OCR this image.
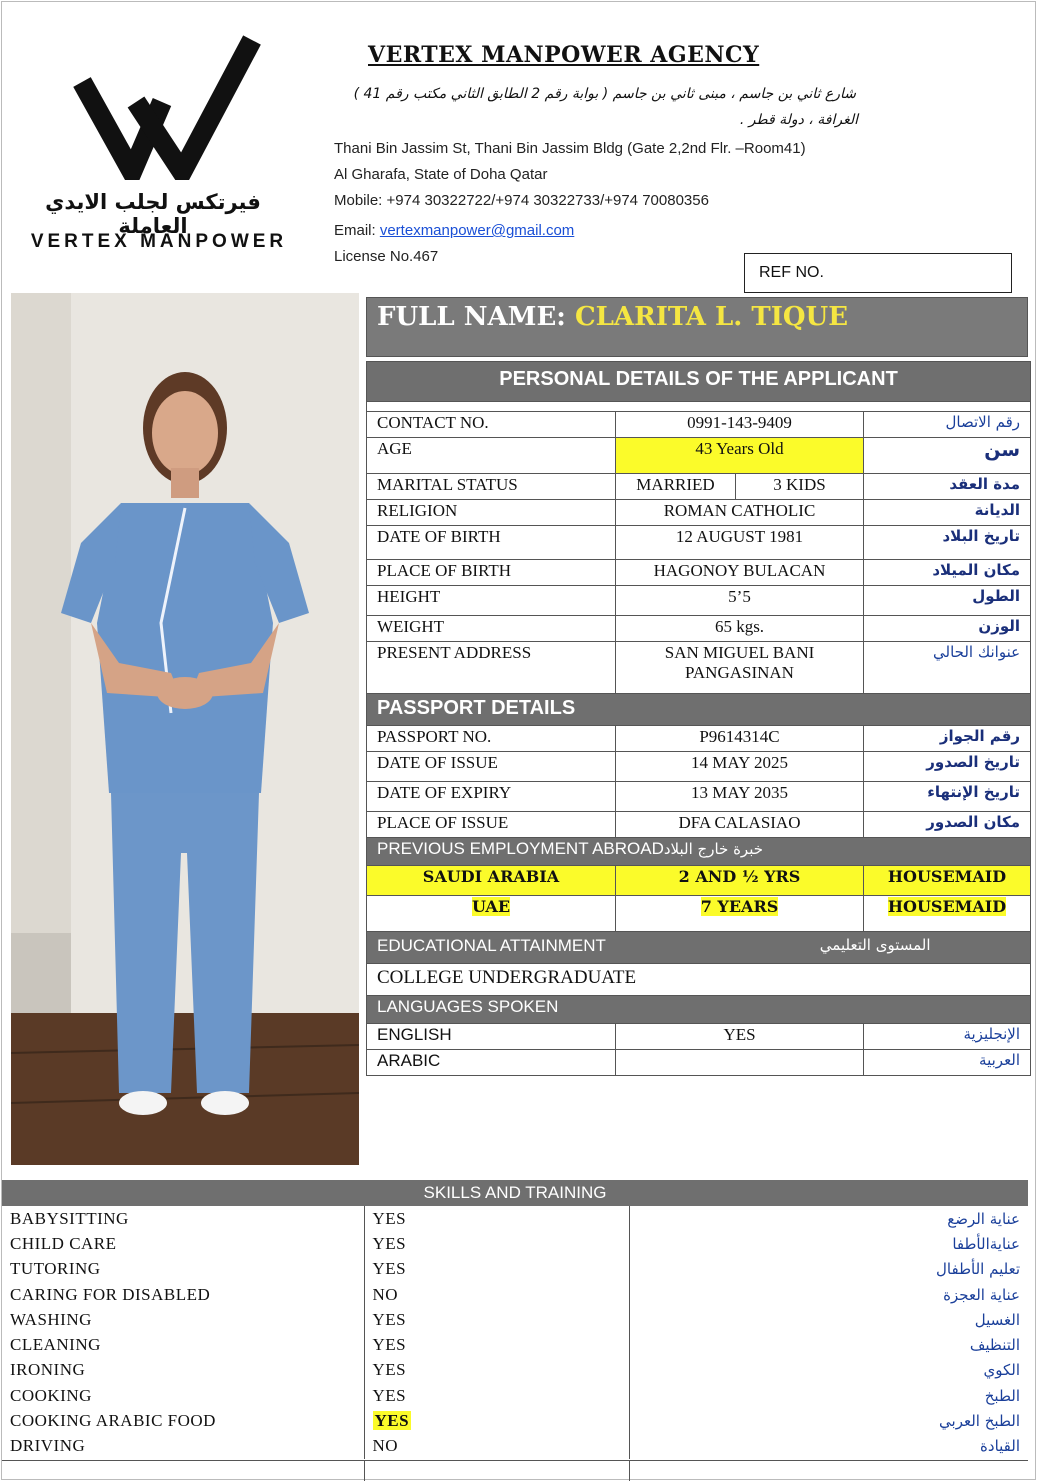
فيرتكس لجلب الايدي العاملة
VERTEX MANPOWER
VERTEX MANPOWER AGENCY
شارع ثاني بن جاسم ، مبنى ثاني بن جاسم ( بوابة رقم 2 الطابق الثاني مكتب رقم 41 )
الغرافة ، دولة قطر .
Thani Bin Jassim St, Thani Bin Jassim Bldg (Gate 2,2nd Flr. –Room41)
Al Gharafa, State of Doha Qatar
Mobile: +974 30322722/+974 30322733/+974 70080356
Email: vertexmanpower@gmail.com
License No.467
REF NO.
FULL NAME: CLARITA L. TIQUE
PERSONAL DETAILS OF THE APPLICANT			

CONTACT NO.	0991-143-9409		رقم الاتصال
AGE	43 Years Old		سن
MARITAL STATUS	MARRIED	3 KIDS	مدة العقد
RELIGION	ROMAN CATHOLIC		الديانة
DATE OF BIRTH	12 AUGUST 1981		تاريخ البلاد
PLACE OF BIRTH	HAGONOY BULACAN		مكان الميلاد
HEIGHT	5’5		الطول
WEIGHT	65 kgs.		الوزن
PRESENT ADDRESS	SAN MIGUEL BANI
PANGASINAN		عنوانك الحالي
PASSPORT DETAILS			
PASSPORT NO.	P9614314C		رقم الجواز
DATE OF ISSUE	14 MAY 2025		تاريخ الصدور
DATE OF EXPIRY	13 MAY 2035		تاريخ الإنتهاء
PLACE OF ISSUE	DFA CALASIAO		مكان الصدور
PREVIOUS EMPLOYMENT ABROADخبرة خارج البلاد			
SAUDI ARABIA	2 AND ½ YRS		HOUSEMAID
UAE	7 YEARS		HOUSEMAID
EDUCATIONAL ATTAINMENT المستوى التعليمي			

COLLEGE UNDERGRADUATE			
LANGUAGES SPOKEN			
ENGLISH	YES		الإنجليزية
ARABIC			العربية
SKILLS AND TRAINING
BABYSITTING	YES	عناية الرضع
CHILD CARE	YES	عنايةالأطفا
TUTORING	YES	تعليم الأطفال
CARING FOR DISABLED	NO	عناية العجزة
WASHING	YES	الغسيل
CLEANING	YES	التنظيف
IRONING	YES	الكوي
COOKING	YES	الطبخ
COOKING ARABIC FOOD	YES	الطبخ العربي
DRIVING	NO	القيادة
